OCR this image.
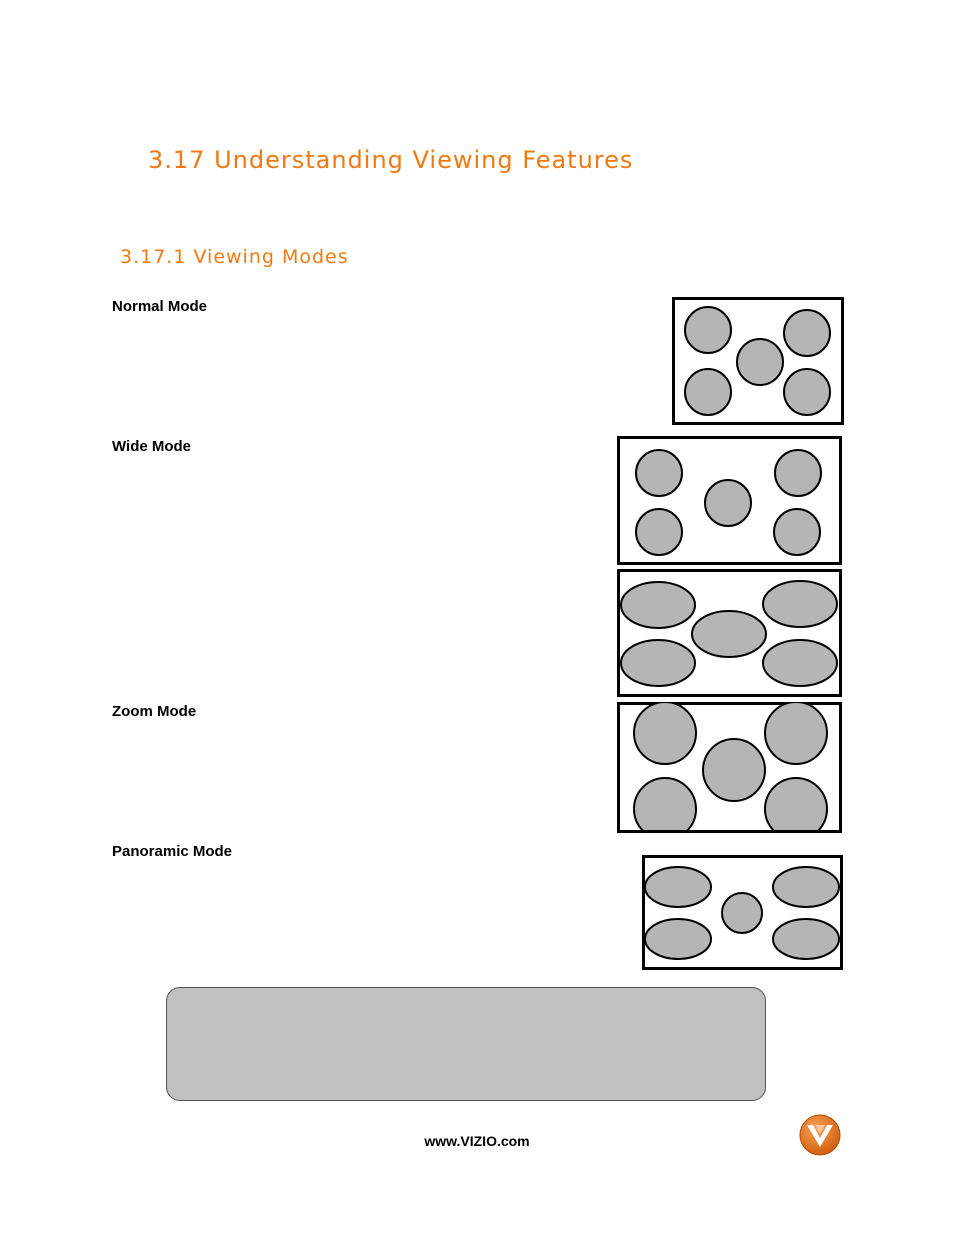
3.17 Understanding Viewing Features
3.17.1 Viewing Modes
Normal Mode
Wide Mode
Zoom Mode
Panoramic Mode
www.VIZIO.com
